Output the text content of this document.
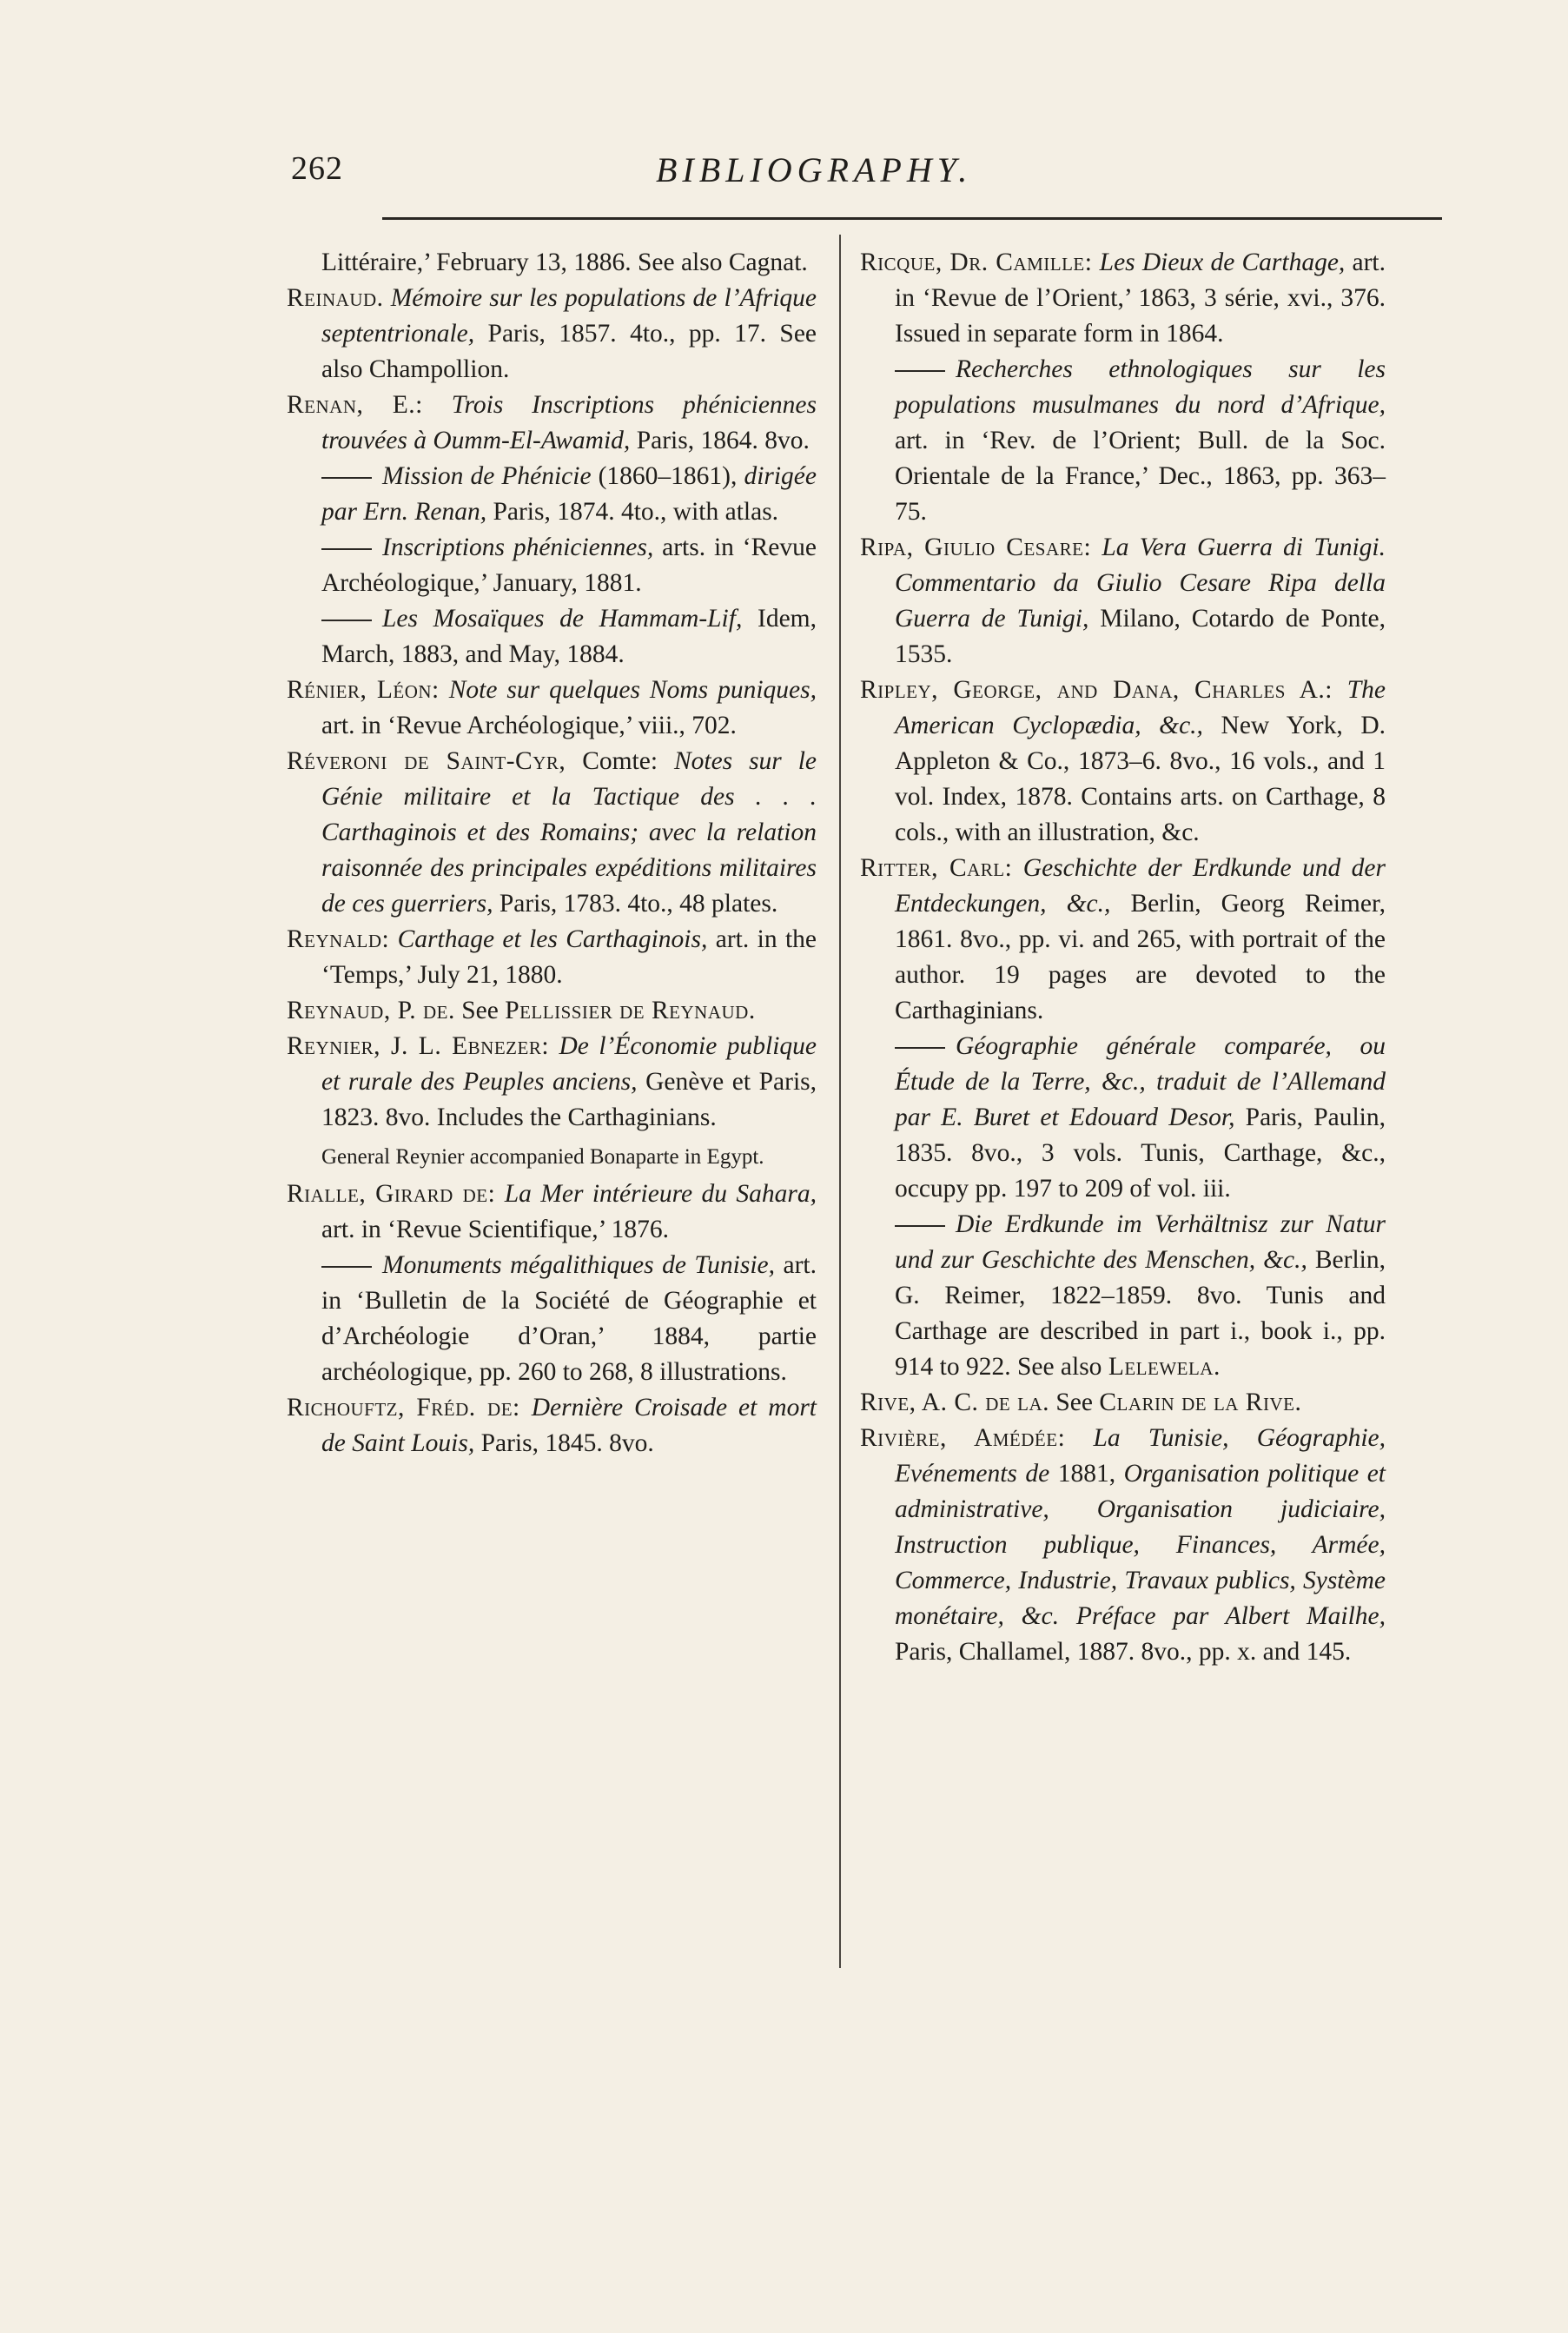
262	BIBLIOGRAPHY.

Littéraire,’ February 13, 1886. See also Cagnat.

Reinaud. Mémoire sur les populations de l’Afrique septentrionale, Paris, 1857. 4to., pp. 17. See also Champollion.

Renan, E.: Trois Inscriptions phéniciennes trouvées à Oumm-El-Awamid, Paris, 1864. 8vo.

Mission de Phénicie (1860–1861), dirigée par Ern. Renan, Paris, 1874. 4to., with atlas.

Inscriptions phéniciennes, arts. in ‘Revue Archéologique,’ January, 1881.

Les Mosaïques de Hammam-Lif, Idem, March, 1883, and May, 1884.

Rénier, Léon: Note sur quelques Noms puniques, art. in ‘Revue Archéologique,’ viii., 702.

Réveroni de Saint-Cyr, Comte: Notes sur le Génie militaire et la Tactique des . . . Carthaginois et des Romains; avec la relation raisonnée des principales expéditions militaires de ces guerriers, Paris, 1783. 4to., 48 plates.

Reynald: Carthage et les Carthaginois, art. in the ‘Temps,’ July 21, 1880.

Reynaud, P. de. See Pellissier de Reynaud.

Reynier, J. L. Ebnezer: De l’Économie publique et rurale des Peuples anciens, Genève et Paris, 1823. 8vo. Includes the Carthaginians.

General Reynier accompanied Bonaparte in Egypt.

Rialle, Girard de: La Mer intérieure du Sahara, art. in ‘Revue Scientifique,’ 1876.

Monuments mégalithiques de Tunisie, art. in ‘Bulletin de la Société de Géographie et d’Archéologie d’Oran,’ 1884, partie archéologique, pp. 260 to 268, 8 illustrations.

Richouftz, Fréd. de: Dernière Croisade et mort de Saint Louis, Paris, 1845. 8vo.

Ricque, Dr. Camille: Les Dieux de Carthage, art. in ‘Revue de l’Orient,’ 1863, 3 série, xvi., 376. Issued in separate form in 1864.

Recherches ethnologiques sur les populations musulmanes du nord d’Afrique, art. in ‘Rev. de l’Orient; Bull. de la Soc. Orientale de la France,’ Dec., 1863, pp. 363–75.

Ripa, Giulio Cesare: La Vera Guerra di Tunigi. Commentario da Giulio Cesare Ripa della Guerra de Tunigi, Milano, Cotardo de Ponte, 1535.

Ripley, George, and Dana, Charles A.: The American Cyclopædia, &c., New York, D. Appleton & Co., 1873–6. 8vo., 16 vols., and 1 vol. Index, 1878. Contains arts. on Carthage, 8 cols., with an illustration, &c.

Ritter, Carl: Geschichte der Erdkunde und der Entdeckungen, &c., Berlin, Georg Reimer, 1861. 8vo., pp. vi. and 265, with portrait of the author. 19 pages are devoted to the Carthaginians.

Géographie générale comparée, ou Étude de la Terre, &c., traduit de l’Allemand par E. Buret et Edouard Desor, Paris, Paulin, 1835. 8vo., 3 vols. Tunis, Carthage, &c., occupy pp. 197 to 209 of vol. iii.

Die Erdkunde im Verhältnisz zur Natur und zur Geschichte des Menschen, &c., Berlin, G. Reimer, 1822–1859. 8vo. Tunis and Carthage are described in part i., book i., pp. 914 to 922. See also Lelewela.

Rive, A. C. de la. See Clarin de la Rive.

Rivière, Amédée: La Tunisie, Géographie, Evénements de 1881, Organisation politique et administrative, Organisation judiciaire, Instruction publique, Finances, Armée, Commerce, Industrie, Travaux publics, Système monétaire, &c. Préface par Albert Mailhe, Paris, Challamel, 1887. 8vo., pp. x. and 145.
